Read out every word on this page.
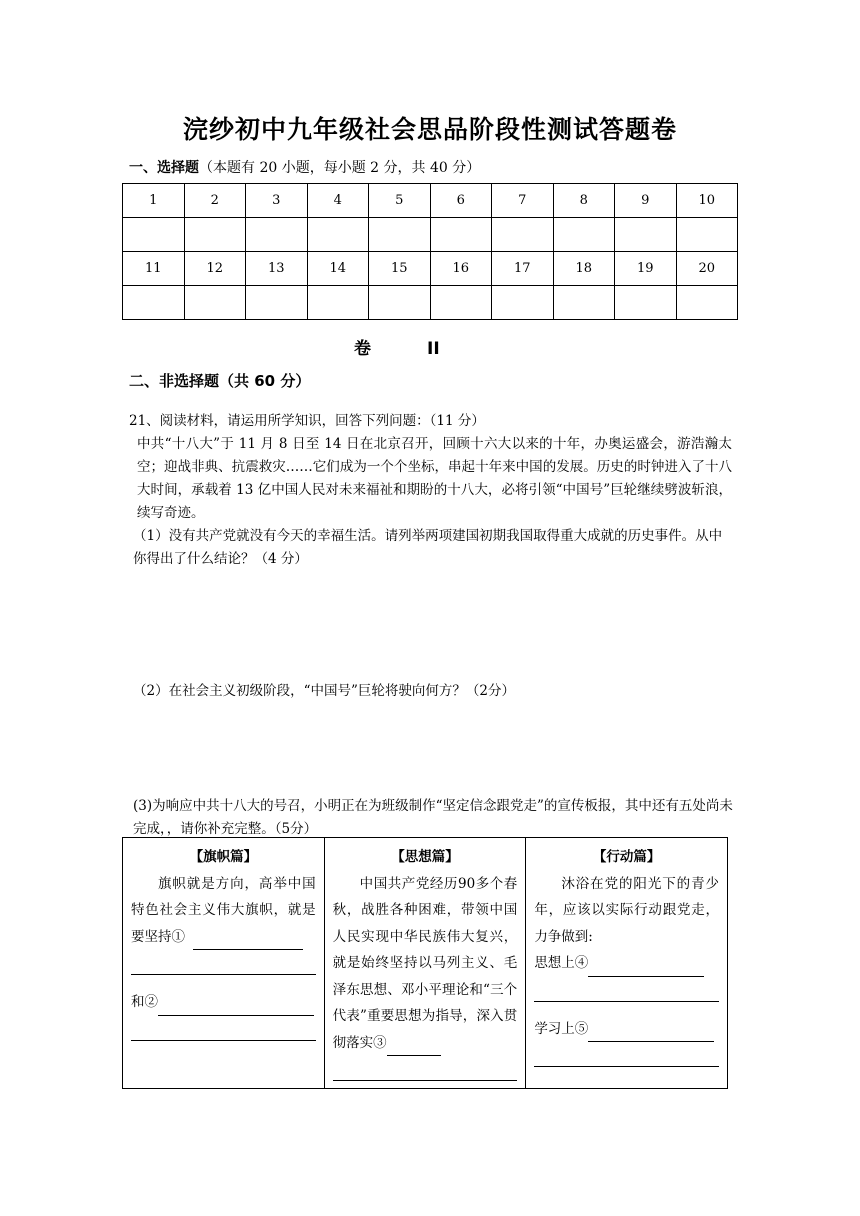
浣纱初中九年级社会思品阶段性测试答题卷
一、选择题（本题有 20 小题，每小题 2 分，共 40 分）
1	2	3	4	5	6	7	8	9	10

11	12	13	14	15	16	17	18	19	20

卷	II
二、非选择题（共 60 分）
21、阅读材料，请运用所学知识，回答下列问题：（11 分）
中共“十八大”于 11 月 8 日至 14 日在北京召开，回顾十六大以来的十年，办奥运盛会，游浩瀚太空；迎战非典、抗震救灾……它们成为一个个坐标，串起十年来中国的发展。历史的时钟进入了十八大时间，承载着 13 亿中国人民对未来福祉和期盼的十八大，必将引领“中国号”巨轮继续劈波斩浪，续写奇迹。
（1）没有共产党就没有今天的幸福生活。请列举两项建国初期我国取得重大成就的历史事件。从中你得出了什么结论？（4 分）
（2）在社会主义初级阶段，“中国号”巨轮将驶向何方？（2分）
(3)为响应中共十八大的号召，小明正在为班级制作“坚定信念跟党走”的宣传板报，其中还有五处尚未完成，，请你补充完整。（5分）
【旗帜篇】
旗帜就是方向，高举中国特色社会主义伟大旗帜，就是要坚持①
和②

【思想篇】
中国共产党经历90多个春秋，战胜各种困难，带领中国人民实现中华民族伟大复兴，就是始终坚持以马列主义、毛泽东思想、邓小平理论和“三个代表”重要思想为指导，深入贯彻落实③

【行动篇】
沐浴在党的阳光下的青少年，应该以实际行动跟党走，力争做到:
思想上④
学习上⑤
